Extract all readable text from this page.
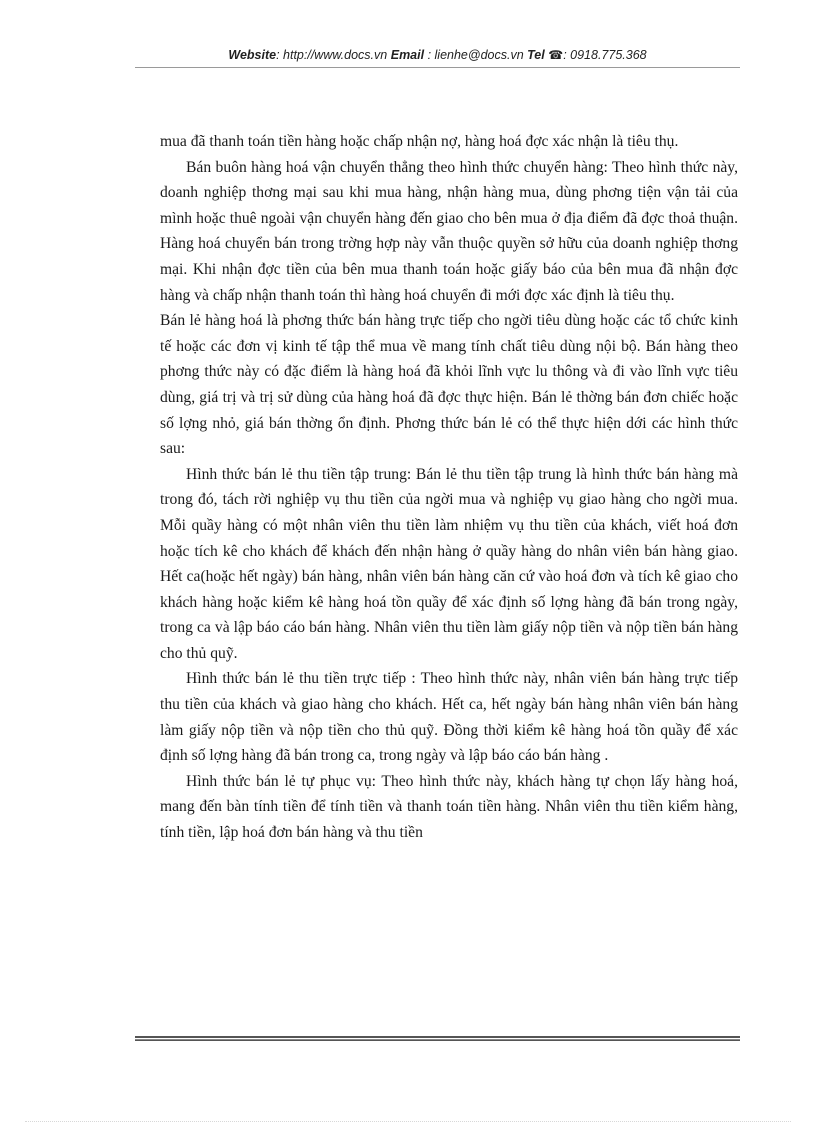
Website: http://www.docs.vn Email : lienhe@docs.vn Tel ☎: 0918.775.368

mua đã thanh toán tiền hàng hoặc chấp nhận nợ, hàng hoá đợc xác nhận là tiêu thụ.

Bán buôn hàng hoá vận chuyển thẳng theo hình thức chuyển hàng: Theo hình thức này, doanh nghiệp thơng mại sau khi mua hàng, nhận hàng mua, dùng phơng tiện vận tải của mình hoặc thuê ngoài vận chuyển hàng đến giao cho bên mua ở địa điểm đã đợc thoả thuận. Hàng hoá chuyển bán trong trờng hợp này vẫn thuộc quyền sở hữu của doanh nghiệp thơng mại. Khi nhận đợc tiền của bên mua thanh toán hoặc giấy báo của bên mua đã nhận đợc hàng và chấp nhận thanh toán thì hàng hoá chuyển đi mới đợc xác định là tiêu thụ.

Bán lẻ hàng hoá là phơng thức bán hàng trực tiếp cho ngời tiêu dùng hoặc các tổ chức kinh tế hoặc các đơn vị kinh tế tập thể mua về mang tính chất tiêu dùng nội bộ. Bán hàng theo phơng thức này có đặc điểm là hàng hoá đã khỏi lĩnh vực lu thông và đi vào lĩnh vực tiêu dùng, giá trị và trị sử dùng của hàng hoá đã đợc thực hiện. Bán lẻ thờng bán đơn chiếc hoặc số lợng nhỏ, giá bán thờng ổn định. Phơng thức bán lẻ có thể thực hiện dới các hình thức sau:

Hình thức bán lẻ thu tiền tập trung: Bán lẻ thu tiền tập trung là hình thức bán hàng mà trong đó, tách rời nghiệp vụ thu tiền của ngời mua và nghiệp vụ giao hàng cho ngời mua. Mỗi quầy hàng có một nhân viên thu tiền làm nhiệm vụ thu tiền của khách, viết hoá đơn hoặc tích kê cho khách để khách đến nhận hàng ở quầy hàng do nhân viên bán hàng giao. Hết ca(hoặc hết ngày) bán hàng, nhân viên bán hàng căn cứ vào hoá đơn và tích kê giao cho khách hàng hoặc kiểm kê hàng hoá tồn quầy để xác định số lợng hàng đã bán trong ngày, trong ca và lập báo cáo bán hàng. Nhân viên thu tiền làm giấy nộp tiền và nộp tiền bán hàng cho thủ quỹ.

Hình thức bán lẻ thu tiền trực tiếp : Theo hình thức này, nhân viên bán hàng trực tiếp thu tiền của khách và giao hàng cho khách. Hết ca, hết ngày bán hàng nhân viên bán hàng làm giấy nộp tiền và nộp tiền cho thủ quỹ. Đồng thời kiểm kê hàng hoá tồn quầy để xác định số lợng hàng đã bán trong ca, trong ngày và lập báo cáo bán hàng .

Hình thức bán lẻ tự phục vụ: Theo hình thức này, khách hàng tự chọn lấy hàng hoá, mang đến bàn tính tiền để tính tiền và thanh toán tiền hàng. Nhân viên thu tiền kiểm hàng, tính tiền, lập hoá đơn bán hàng và thu tiền
